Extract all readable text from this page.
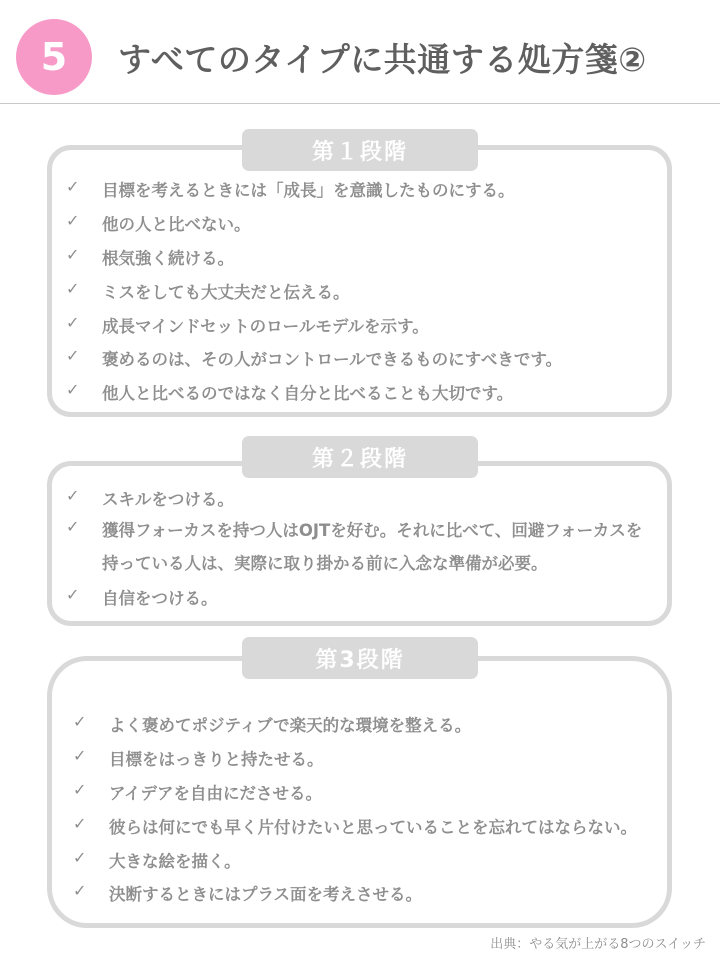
5	すべてのタイプに共通する処方箋②
第１段階
✓ 目標を考えるときには「成長」を意識したものにする。
✓ 他の人と比べない。
✓ 根気強く続ける。
✓ ミスをしても大丈夫だと伝える。
✓ 成長マインドセットのロールモデルを示す。
✓ 褒めるのは、その人がコントロールできるものにすべきです。
✓ 他人と比べるのではなく自分と比べることも大切です。
第２段階
✓ スキルをつける。
✓ 獲得フォーカスを持つ人はOJTを好む。それに比べて、回避フォーカスを
持っている人は、実際に取り掛かる前に入念な準備が必要。
✓ 自信をつける。
第3段階
✓ よく褒めてポジティブで楽天的な環境を整える。
✓ 目標をはっきりと持たせる。
✓ アイデアを自由にださせる。
✓ 彼らは何にでも早く片付けたいと思っていることを忘れてはならない。
✓ 大きな絵を描く。
✓ 決断するときにはプラス面を考えさせる。
出典：やる気が上がる8つのスイッチ
